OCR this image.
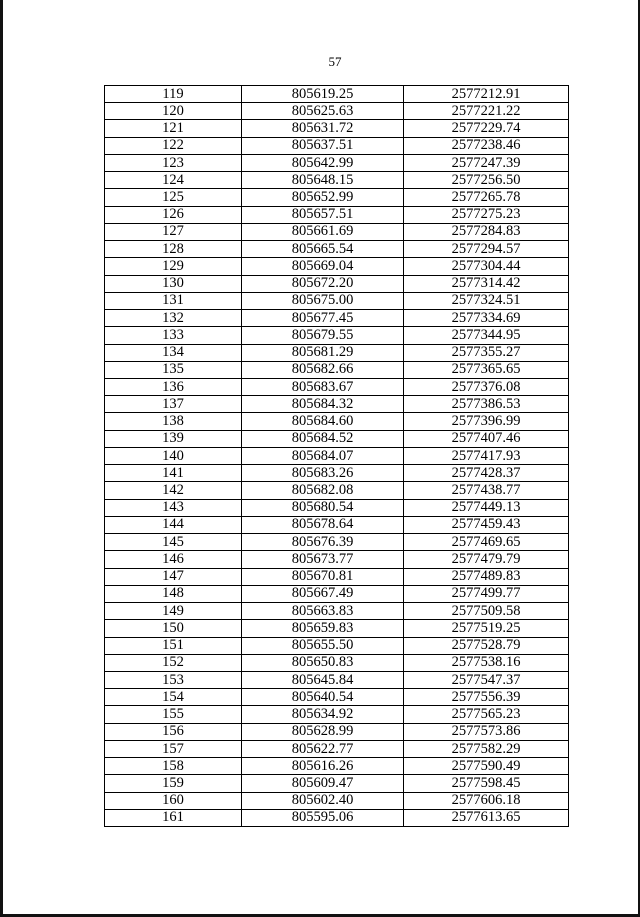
57
119	805619.25	2577212.91
120	805625.63	2577221.22
121	805631.72	2577229.74
122	805637.51	2577238.46
123	805642.99	2577247.39
124	805648.15	2577256.50
125	805652.99	2577265.78
126	805657.51	2577275.23
127	805661.69	2577284.83
128	805665.54	2577294.57
129	805669.04	2577304.44
130	805672.20	2577314.42
131	805675.00	2577324.51
132	805677.45	2577334.69
133	805679.55	2577344.95
134	805681.29	2577355.27
135	805682.66	2577365.65
136	805683.67	2577376.08
137	805684.32	2577386.53
138	805684.60	2577396.99
139	805684.52	2577407.46
140	805684.07	2577417.93
141	805683.26	2577428.37
142	805682.08	2577438.77
143	805680.54	2577449.13
144	805678.64	2577459.43
145	805676.39	2577469.65
146	805673.77	2577479.79
147	805670.81	2577489.83
148	805667.49	2577499.77
149	805663.83	2577509.58
150	805659.83	2577519.25
151	805655.50	2577528.79
152	805650.83	2577538.16
153	805645.84	2577547.37
154	805640.54	2577556.39
155	805634.92	2577565.23
156	805628.99	2577573.86
157	805622.77	2577582.29
158	805616.26	2577590.49
159	805609.47	2577598.45
160	805602.40	2577606.18
161	805595.06	2577613.65
